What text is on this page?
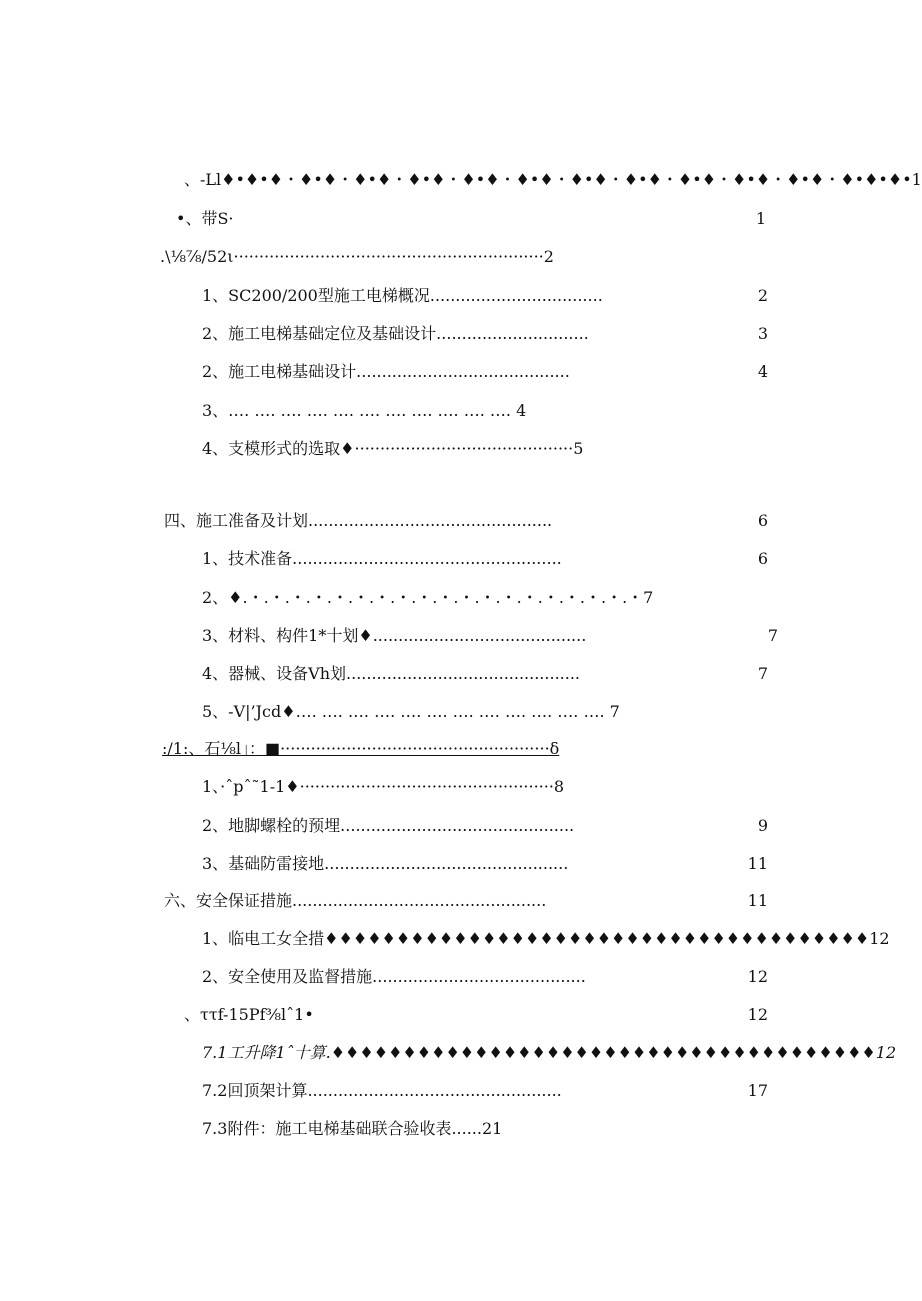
、-Ll♦•♦•♦・♦•♦・♦•♦・♦•♦・♦•♦・♦•♦・♦•♦・♦•♦・♦•♦・♦•♦・♦•♦・♦•♦•♦•1
•、带S·	1
.\⅛⅞/52ι·····························································2
1、SC200/200型施工电梯概况..................................	2
2、施工电梯基础定位及基础设计..............................	3
2、施工电梯基础设计..........................................	4
3、…. …. …. …. …. …. …. …. …. …. …. 4
4、支模形式的选取♦···········································5
四、施工准备及计划................................................	6
1、技术准备.....................................................	6
2、♦.・.・.・.・.・.・.・.・.・.・.・.・.・.・.・.・.・.・.・7
3、材料、构件1*十划♦..........................................	7
4、器械、设备Vh划..............................................	7
5、-V|’Jcd♦…. …. …. …. …. …. …. …. …. …. …. …. 7
:/1:、石⅛l」：■·····················································δ
1、·ˆpˆ˜1-1♦··················································8
2、地脚螺栓的预埋..............................................	9
3、基础防雷接地................................................	11
六、安全保证措施..................................................	11
1、临电工女全措♦♦♦♦♦♦♦♦♦♦♦♦♦♦♦♦♦♦♦♦♦♦♦♦♦♦♦♦♦♦♦♦♦♦♦♦♦♦12
2、安全使用及监督措施..........................................	12
、ττf-15Pf⅜lˆ1•	12
7.1工升降1ˆ十算.♦♦♦♦♦♦♦♦♦♦♦♦♦♦♦♦♦♦♦♦♦♦♦♦♦♦♦♦♦♦♦♦♦♦♦♦♦♦12
7.2回顶架计算..................................................	17
7.3附件：施工电梯基础联合验收表......21
